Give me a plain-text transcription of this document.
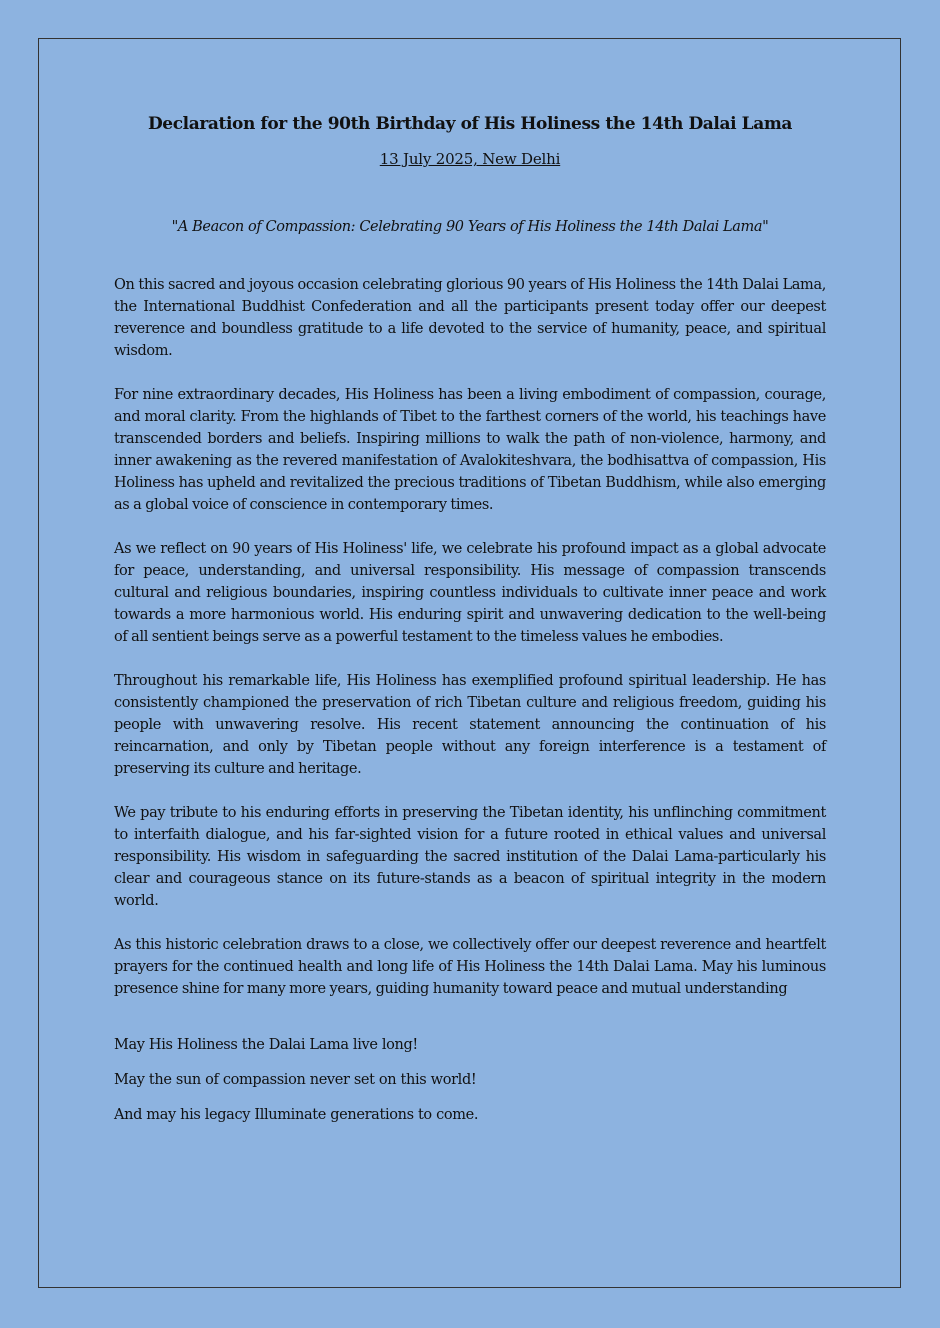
Declaration for the 90th Birthday of His Holiness the 14th Dalai Lama
13 July 2025, New Delhi
"A Beacon of Compassion: Celebrating 90 Years of His Holiness the 14th Dalai Lama"

On this sacred and joyous occasion celebrating glorious 90 years of His Holiness the 14th Dalai Lama, the International Buddhist Confederation and all the participants present today offer our deepest reverence and boundless gratitude to a life devoted to the service of humanity, peace, and spiritual wisdom.

For nine extraordinary decades, His Holiness has been a living embodiment of compassion, courage, and moral clarity. From the highlands of Tibet to the farthest corners of the world, his teachings have transcended borders and beliefs. Inspiring millions to walk the path of non-violence, harmony, and inner awakening as the revered manifestation of Avalokiteshvara, the bodhisattva of compassion, His Holiness has upheld and revitalized the precious traditions of Tibetan Buddhism, while also emerging as a global voice of conscience in contemporary times.

As we reflect on 90 years of His Holiness' life, we celebrate his profound impact as a global advocate for peace, understanding, and universal responsibility. His message of compassion transcends cultural and religious boundaries, inspiring countless individuals to cultivate inner peace and work towards a more harmonious world. His enduring spirit and unwavering dedication to the well-being of all sentient beings serve as a powerful testament to the timeless values he embodies.

Throughout his remarkable life, His Holiness has exemplified profound spiritual leadership. He has consistently championed the preservation of rich Tibetan culture and religious freedom, guiding his people with unwavering resolve. His recent statement announcing the continuation of his reincarnation, and only by Tibetan people without any foreign interference is a testament of preserving its culture and heritage.

We pay tribute to his enduring efforts in preserving the Tibetan identity, his unflinching commitment to interfaith dialogue, and his far-sighted vision for a future rooted in ethical values and universal responsibility. His wisdom in safeguarding the sacred institution of the Dalai Lama-particularly his clear and courageous stance on its future-stands as a beacon of spiritual integrity in the modern world.

As this historic celebration draws to a close, we collectively offer our deepest reverence and heartfelt prayers for the continued health and long life of His Holiness the 14th Dalai Lama. May his luminous presence shine for many more years, guiding humanity toward peace and mutual understanding

May His Holiness the Dalai Lama live long!

May the sun of compassion never set on this world!

And may his legacy Illuminate generations to come.
